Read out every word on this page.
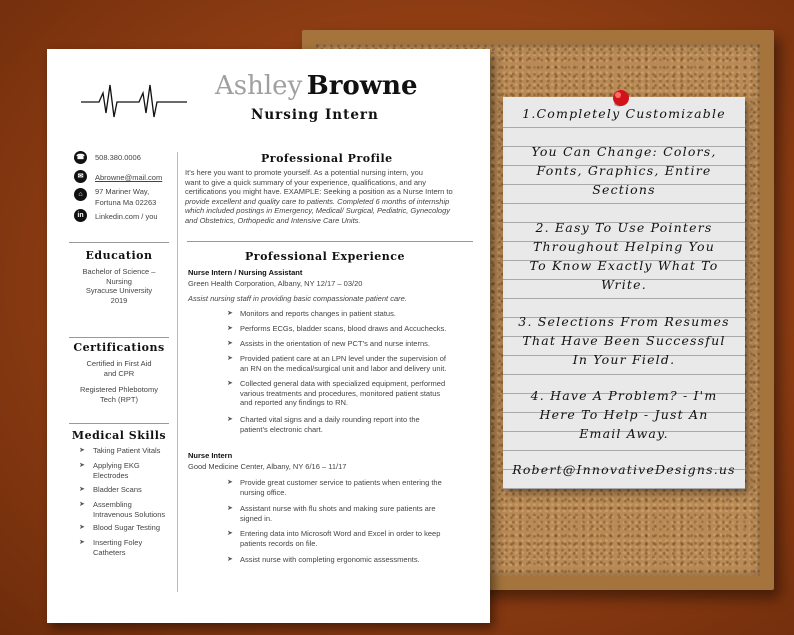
1.Completely Customizable
You Can Change: Colors,
Fonts, Graphics, Entire
Sections
2. Easy To Use Pointers
Throughout Helping You
To Know Exactly What To
Write.
3. Selections From Resumes
That Have Been Successful
In Your Field.
4. Have A Problem? - I'm
Here To Help - Just An
Email Away.
Robert@InnovativeDesigns.us
Ashley Browne
Nursing Intern
☎ 508.380.0006
✉	Abrowne@mail.com
⌂	97 Mariner Way,
Fortuna Ma 02263
in	Linkedin.com / you
Education
Bachelor of Science –
Nursing
Syracuse University
2019
Certifications
Certified in First Aid
and CPR
Registered Phlebotomy
Tech (RPT)
Medical Skills
➤ Taking Patient Vitals
➤ Applying EKG
Electrodes
➤ Bladder Scans
➤ Assembling
Intravenous Solutions
➤ Blood Sugar Testing
➤ Inserting Foley
Catheters
Professional Profile
It’s here you want to promote yourself. As a potential nursing intern, you
want to give a quick summary of your experience, qualifications, and any
certifications you might have. EXAMPLE: Seeking a position as a Nurse Intern to
provide excellent and quality care to patients. Completed 6 months of internship
which included postings in Emergency, Medical/ Surgical, Pediatric, Gynecology
and Obstetrics, Orthopedic and Intensive Care Units.
Professional Experience
Nurse Intern / Nursing Assistant
Green Health Corporation, Albany, NY 12/17 – 03/20
Assist nursing staff in providing basic compassionate patient care.
➤ Monitors and reports changes in patient status.
➤ Performs ECGs, bladder scans, blood draws and Accuchecks.
➤ Assists in the orientation of new PCT’s and nurse interns.
➤ Provided patient care at an LPN level under the supervision of
an RN on the medical/surgical unit and labor and delivery unit.
➤ Collected general data with specialized equipment, performed
various treatments and procedures, monitored patient status
and reported any findings to RN.
➤ Charted vital signs and a daily rounding report into the
patient’s electronic chart.
Nurse Intern
Good Medicine Center, Albany, NY 6/16 – 11/17
➤ Provide great customer service to patients when entering the
nursing office.
➤ Assistant nurse with flu shots and making sure patients are
signed in.
➤ Entering data into Microsoft Word and Excel in order to keep
patients records on file.
➤ Assist nurse with completing ergonomic assessments.
